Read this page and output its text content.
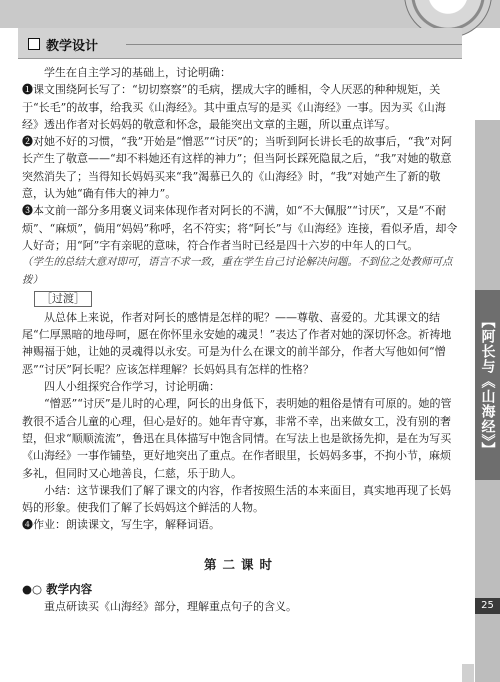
教学设计

学生在自主学习的基础上，讨论明确：

❶课文围绕阿长写了：“切切察察”的毛病，摆成大字的睡相，令人厌恶的种种规矩，关于“长毛”的故事，给我买《山海经》。其中重点写的是买《山海经》一事。因为买《山海经》透出作者对长妈妈的敬意和怀念，最能突出文章的主题，所以重点详写。

❷对她不好的习惯，“我”开始是“憎恶”“讨厌”的；当听到阿长讲长毛的故事后，“我”对阿长产生了敬意——“却不料她还有这样的神力”；但当阿长踩死隐鼠之后，“我”对她的敬意突然消失了；当得知长妈妈买来“我”渴慕已久的《山海经》时，“我”对她产生了新的敬意，认为她“确有伟大的神力”。

❸本文前一部分多用褒义词来体现作者对阿长的不满，如“不大佩服”“讨厌”，又是“不耐烦”、“麻烦”，倘用“妈妈”称呼，名不符实；将“阿长”与《山海经》连接，看似矛盾，却令人好奇；用“阿”字有亲昵的意味，符合作者当时已经是四十六岁的中年人的口气。

（学生的总结大意对即可，语言不求一致，重在学生自己讨论解决问题。不到位之处教师可点拨）

［过渡］

从总体上来说，作者对阿长的感情是怎样的呢？——尊敬、喜爱的。尤其课文的结尾“仁厚黑暗的地母呵，愿在你怀里永安她的魂灵！”表达了作者对她的深切怀念。祈祷地神赐福于她，让她的灵魂得以永安。可是为什么在课文的前半部分，作者大写他如何“憎恶”“讨厌”阿长呢？应该怎样理解？长妈妈具有怎样的性格？

四人小组探究合作学习，讨论明确：

“憎恶”“讨厌”是儿时的心理，阿长的出身低下，表明她的粗俗是情有可原的。她的管教很不适合儿童的心理，但心是好的。她年青守寡，非常不幸，出来做女工，没有别的奢望，但求“顺顺流流”，鲁迅在具体描写中饱含同情。在写法上也是欲扬先抑，是在为写买《山海经》一事作铺垫，更好地突出了重点。在作者眼里，长妈妈多事，不拘小节，麻烦多礼，但同时又心地善良，仁慈，乐于助人。

小结：这节课我们了解了课文的内容，作者按照生活的本来面目，真实地再现了长妈妈的形象。使我们了解了长妈妈这个鲜活的人物。

❹作业：朗读课文，写生字，解释词语。

第二课时

●○ 教学内容

重点研读买《山海经》部分，理解重点句子的含义。

【阿长与《山海经》】
25
